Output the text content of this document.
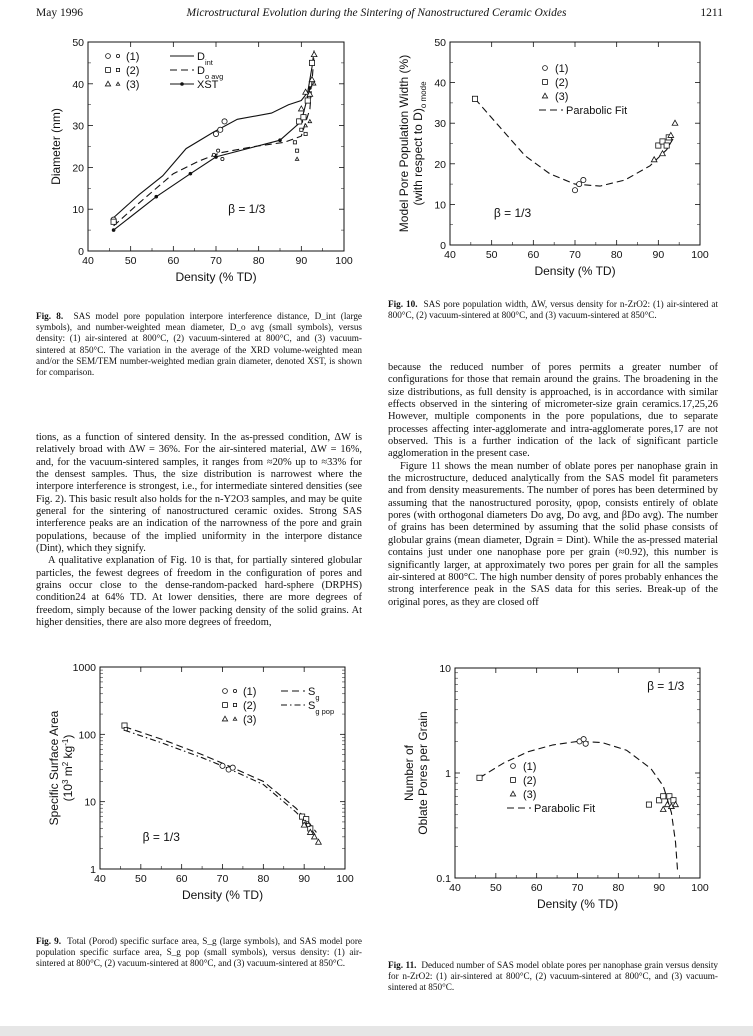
May 1996	Microstructural Evolution during the Sintering of Nanostructured Ceramic Oxides	1211
40	50	60	70	80	90	100
0
10
20
30
40
50
Density (% TD)
Diameter (nm)
β = 1/3
(1)
(2)
(3)
$D_{int}$
$D_{o avg}$
XST
40	50	60	70	80	90	100
0
10
20
30
40
50
Density (% TD)
Model Pore Population Width (%) (with respect to $D)_{o mode}$
β = 1/3
(1)
(2)
(3)
Parabolic Fit
40	50	60	70	80	90 100
1
10
100
1000
Density (% TD)
Specific Surface Area ($10^3$ $m^2$ $kg^{-1}$)
β = 1/3
(1)
(2)
(3)
$S_g$
$S_{g pop}$
40	50	60	70	80	90 100
0.1
1
10
Density (% TD)
Number of Oblate Pores per Grain
β = 1/3
(1)
(2)
(3)
Parabolic Fit
Fig. 8. SAS model pore population interpore interference distance, D_int (large symbols), and number-weighted mean diameter, D_o avg (small symbols), versus density: (1) air-sintered at 800°C, (2) vacuum-sintered at 800°C, and (3) vacuum-sintered at 850°C. The variation in the average of the XRD volume-weighted mean and/or the SEM/TEM number-weighted median grain diameter, denoted XST, is shown for comparison.
Fig. 10. SAS pore population width, ΔW, versus density for n-ZrO2: (1) air-sintered at 800°C, (2) vacuum-sintered at 800°C, and (3) vacuum-sintered at 850°C.
Fig. 9. Total (Porod) specific surface area, S_g (large symbols), and SAS model pore population specific surface area, S_g pop (small symbols), versus density: (1) air-sintered at 800°C, (2) vacuum-sintered at 800°C, and (3) vacuum-sintered at 850°C.	Fig. 11. Deduced number of SAS model oblate pores per nanophase grain versus density for n-ZrO2: (1) air-sintered at 800°C, (2) vacuum-sintered at 800°C, and (3) vacuum-sintered at 850°C.
tions, as a function of sintered density. In the as-pressed condition, ΔW is relatively broad with ΔW = 36%. For the air-sintered material, ΔW = 16%, and, for the vacuum-sintered samples, it ranges from ≈20% up to ≈33% for the densest samples. Thus, the size distribution is narrowest where the interpore interference is strongest, i.e., for intermediate sintered densities (see Fig. 2). This basic result also holds for the n-Y2O3 samples, and may be quite general for the sintering of nanostructured ceramic oxides. Strong SAS interference peaks are an indication of the narrowness of the pore and grain populations, because of the implied uniformity in the interpore distance (Dint), which they signify.
A qualitative explanation of Fig. 10 is that, for partially sintered globular particles, the fewest degrees of freedom in the configuration of pores and grains occur close to the dense-random-packed hard-sphere (DRPHS) condition24 at 64% TD. At lower densities, there are more degrees of freedom, simply because of the lower packing density of the solid grains. At higher densities, there are also more degrees of freedom,
because the reduced number of pores permits a greater number of configurations for those that remain around the grains. The broadening in the size distributions, as full density is approached, is in accordance with similar effects observed in the sintering of micrometer-size grain ceramics.17,25,26 However, multiple components in the pore populations, due to separate processes affecting inter-agglomerate and intra-agglomerate pores,17 are not observed. This is a further indication of the lack of significant particle agglomeration in the present case.
Figure 11 shows the mean number of oblate pores per nanophase grain in the microstructure, deduced analytically from the SAS model fit parameters and from density measurements. The number of pores has been determined by assuming that the nanostructured porosity, φpop, consists entirely of oblate pores (with orthogonal diameters Do avg, Do avg, and βDo avg). The number of grains has been determined by assuming that the solid phase consists of globular grains (mean diameter, Dgrain = Dint). While the as-pressed material contains just under one nanophase pore per grain (≈0.92), this number is significantly larger, at approximately two pores per grain for all the samples air-sintered at 800°C. The high number density of pores probably enhances the strong interference peak in the SAS data for this series. Break-up of the original pores, as they are closed off
